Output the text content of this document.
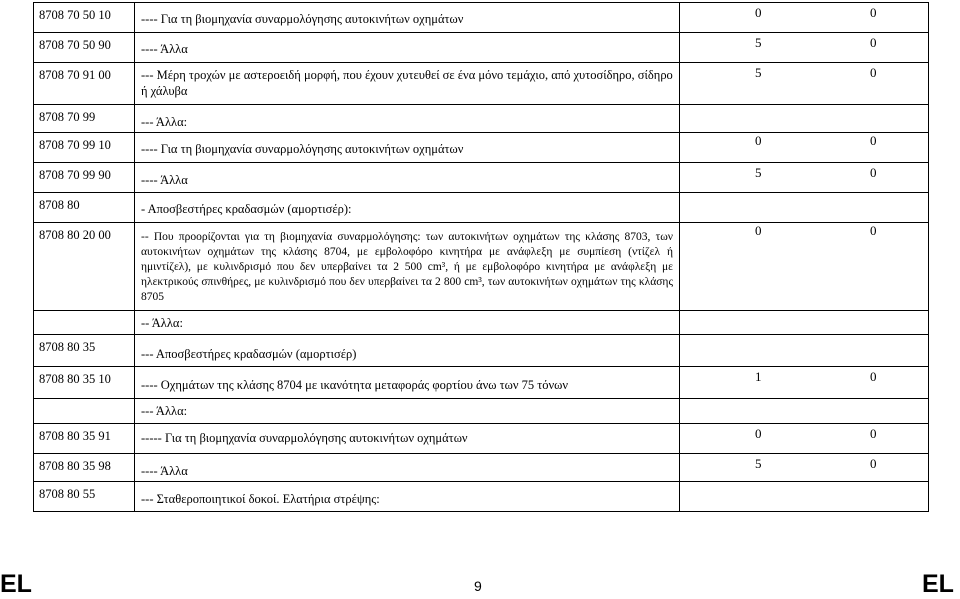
8708 70 50 10	---- Για τη βιομηχανία συναρμολόγησης αυτοκινήτων οχημάτων	0 0

8708 70 50 90	---- Άλλα	5 0

8708 70 91 00	--- Μέρη τροχών με αστεροειδή μορφή, που έχουν χυτευθεί σε ένα μόνο τεμάχιο, από χυτοσίδηρο, σίδηρο ή χάλυβα	5 0

8708 70 99	--- Άλλα:	

8708 70 99 10	---- Για τη βιομηχανία συναρμολόγησης αυτοκινήτων οχημάτων	0 0

8708 70 99 90	---- Άλλα	5 0

8708 80	- Αποσβεστήρες κραδασμών (αμορτισέρ):	

8708 80 20 00	-- Που προορίζονται για τη βιομηχανία συναρμολόγησης: των αυτοκινήτων οχημάτων της κλάσης 8703, των αυτοκινήτων οχημάτων της κλάσης 8704, με εμβολοφόρο κινητήρα με ανάφλεξη με συμπίεση (ντίζελ ή ημιντίζελ), με κυλινδρισμό που δεν υπερβαίνει τα 2 500 cm³, ή με εμβολοφόρο κινητήρα με ανάφλεξη με ηλεκτρικούς σπινθήρες, με κυλινδρισμό που δεν υπερβαίνει τα 2 800 cm³, των αυτοκινήτων οχημάτων της κλάσης 8705	0 0

	-- Άλλα:	

8708 80 35	--- Αποσβεστήρες κραδασμών (αμορτισέρ)	

8708 80 35 10	---- Οχημάτων της κλάσης 8704 με ικανότητα μεταφοράς φορτίου άνω των 75 τόνων	1 0

	--- Άλλα:	

8708 80 35 91	----- Για τη βιομηχανία συναρμολόγησης αυτοκινήτων οχημάτων	0 0

8708 80 35 98	---- Άλλα	5 0

8708 80 55	--- Σταθεροποιητικοί δοκοί. Ελατήρια στρέψης:	

EL	9	EL
